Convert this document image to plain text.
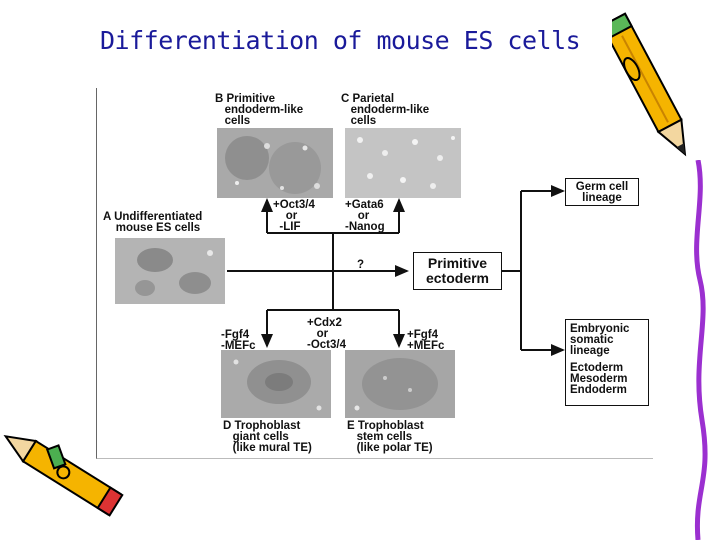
Differentiation of mouse ES cells
B Primitive
endoderm-like
cells
C Parietal
endoderm-like
cells
A Undifferentiated
mouse ES cells
D Trophoblast
giant cells
(like mural TE)
E Trophoblast
stem cells
(like polar TE)
+Oct3/4
or
-LIF
+Gata6
or
-Nanog
?
+Cdx2
or
-Oct3/4
-Fgf4
-MEFc
+Fgf4
+MEFc
Primitive
ectoderm
Germ cell
lineage
Embryonic
somatic
lineage
Ectoderm
Mesoderm
Endoderm
